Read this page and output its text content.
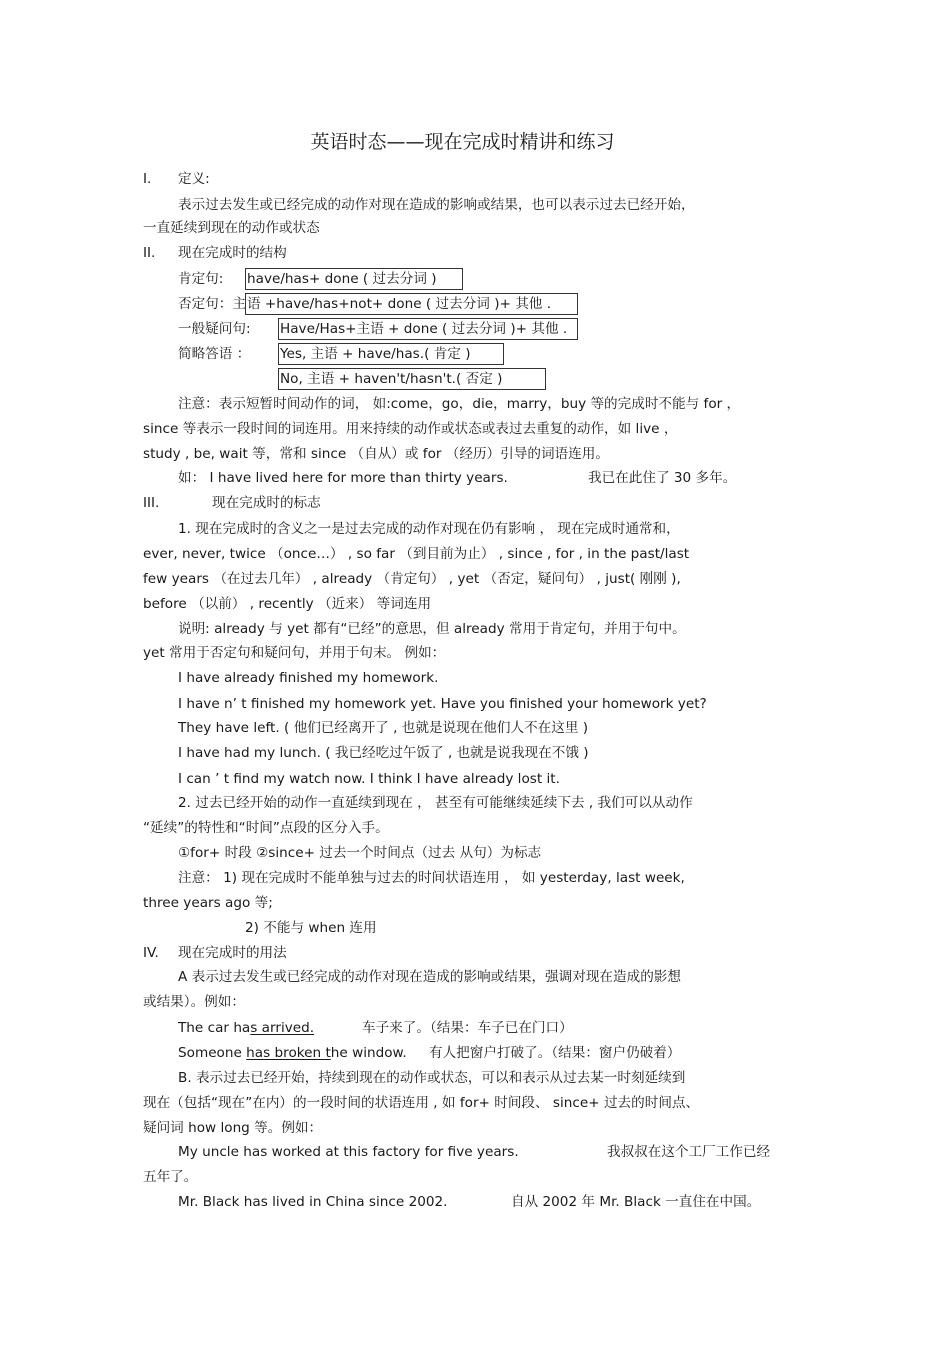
英语时态——现在完成时精讲和练习
I. 定义:
表示过去发生或已经完成的动作对现在造成的影响或结果，也可以表示过去已经开始，
一直延续到现在的动作或状态
II. 现在完成时的结构
肯定句: have/has+ done ( 过去分词 )
否定句：主 语 +have/has+not+ done ( 过去分词 )+ 其他 .
一般疑问句: Have/Has+主语 + done ( 过去分词 )+ 其他 .
简略答语 ： Yes, 主语 + have/has.( 肯定 )
No, 主语 + haven't/hasn't.( 否定 )
注意：表示短暂时间动作的词， 如:come，go，die，marry，buy 等的完成时不能与 for ，
since 等表示一段时间的词连用。用来持续的动作或状态或表过去重复的动作，如 live ，
study , be, wait 等，常和 since （自从）或 for （经历）引导的词语连用。
如： I have lived here for more than thirty years.	我已在此住了 30 多年。
III.	现在完成时的标志
1. 现在完成时的含义之一是过去完成的动作对现在仍有影响 ， 现在完成时通常和，
ever, never, twice （once…） , so far （到目前为止） , since , for , in the past/last
few years （在过去几年） , already （肯定句） , yet （否定，疑问句） , just( 刚刚 ),
before （以前） , recently （近来） 等词连用
说明: already 与 yet 都有“已经”的意思，但 already 常用于肯定句，并用于句中。
yet 常用于否定句和疑问句，并用于句末。 例如：
I have already finished my homework.
I have n’ t finished my homework yet. Have you finished your homework yet?
They have left. ( 他们已经离开了 , 也就是说现在他们人不在这里 )
I have had my lunch. ( 我已经吃过午饭了 , 也就是说我现在不饿 )
I can ’ t find my watch now. I think I have already lost it.
2. 过去已经开始的动作一直延续到现在 ， 甚至有可能继续延续下去 , 我们可以从动作
“延续”的特性和“时间”点段的区分入手。
①for+ 时段 ②since+ 过去一个时间点（过去 从句）为标志
注意： 1) 现在完成时不能单独与过去的时间状语连用 ， 如 yesterday, last week,
three years ago 等;
2) 不能与 when 连用
IV. 现在完成时的用法
A 表示过去发生或已经完成的动作对现在造成的影响或结果，强调对现在造成的影想
或结果）。例如：
The car has arrived.	车子来了。（结果：车子已在门口）
Someone has broken the window. 有人把窗户打破了。（结果：窗户仍破着）
B. 表示过去已经开始，持续到现在的动作或状态，可以和表示从过去某一时刻延续到
现在（包括“现在”在内）的一段时间的状语连用 , 如 for+ 时间段、 since+ 过去的时间点、
疑问词 how long 等。例如：
My uncle has worked at this factory for five years.	我叔叔在这个工厂工作已经
五年了。
Mr. Black has lived in China since 2002.	自从 2002 年 Mr. Black 一直住在中国。
